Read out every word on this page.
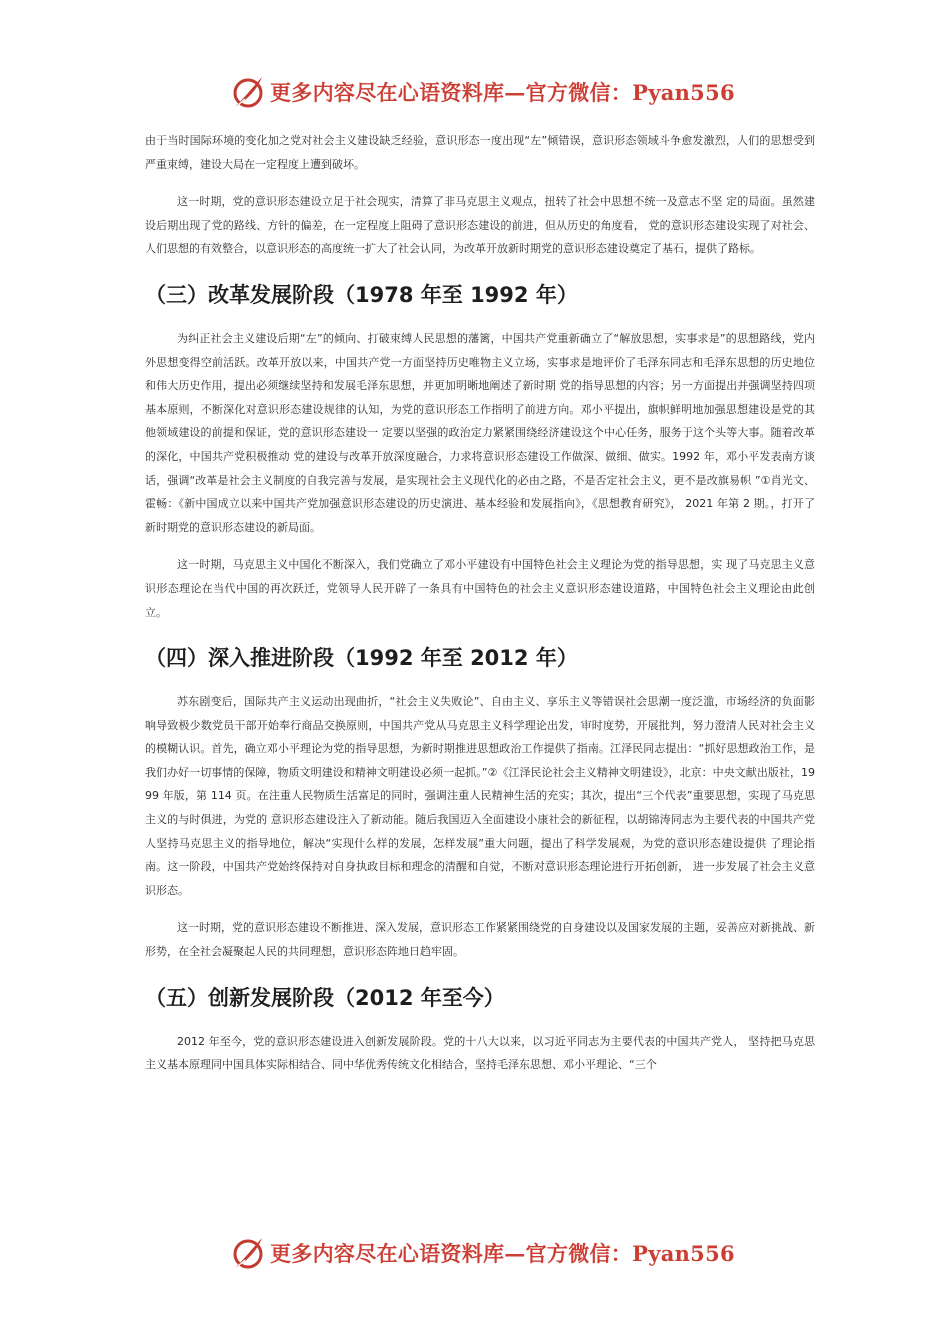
更多内容尽在心语资料库—官方微信：Pyan556

由于当时国际环境的变化加之党对社会主义建设缺乏经验，意识形态一度出现“左”倾错误，意识形态领域斗争愈发激烈，人们的思想受到严重束缚，建设大局在一定程度上遭到破坏。

这一时期，党的意识形态建设立足于社会现实，清算了非马克思主义观点，扭转了社会中思想不统一及意志不坚 定的局面。虽然建设后期出现了党的路线、方针的偏差，在一定程度上阻碍了意识形态建设的前进，但从历史的角度看， 党的意识形态建设实现了对社会、人们思想的有效整合，以意识形态的高度统一扩大了社会认同，为改革开放新时期党的意识形态建设奠定了基石，提供了路标。

（三）改革发展阶段（1978 年至 1992 年）

为纠正社会主义建设后期“左”的倾向、打破束缚人民思想的藩篱，中国共产党重新确立了“解放思想，实事求是”的思想路线，党内外思想变得空前活跃。改革开放以来，中国共产党一方面坚持历史唯物主义立场，实事求是地评价了毛泽东同志和毛泽东思想的历史地位和伟大历史作用，提出必须继续坚持和发展毛泽东思想，并更加明晰地阐述了新时期 党的指导思想的内容；另一方面提出并强调坚持四项基本原则，不断深化对意识形态建设规律的认知，为党的意识形态工作指明了前进方向。邓小平提出，旗帜鲜明地加强思想建设是党的其他领域建设的前提和保证，党的意识形态建设一 定要以坚强的政治定力紧紧围绕经济建设这个中心任务，服务于这个头等大事。随着改革的深化，中国共产党积极推动 党的建设与改革开放深度融合，力求将意识形态建设工作做深、做细、做实。1992 年，邓小平发表南方谈话，强调“改革是社会主义制度的自我完善与发展，是实现社会主义现代化的必由之路，不是否定社会主义，更不是改旗易帜 ”①肖光文、霍畅：《新中国成立以来中国共产党加强意识形态建设的历史演进、基本经验和发展指向》，《思想教育研究》， 2021 年第 2 期。，打开了新时期党的意识形态建设的新局面。

这一时期，马克思主义中国化不断深入，我们党确立了邓小平建设有中国特色社会主义理论为党的指导思想，实 现了马克思主义意识形态理论在当代中国的再次跃迁，党领导人民开辟了一条具有中国特色的社会主义意识形态建设道路，中国特色社会主义理论由此创立。

（四）深入推进阶段（1992 年至 2012 年）

苏东剧变后，国际共产主义运动出现曲折，“社会主义失败论”、自由主义、享乐主义等错误社会思潮一度泛滥，市场经济的负面影响导致极少数党员干部开始奉行商品交换原则，中国共产党从马克思主义科学理论出发，审时度势，开展批判，努力澄清人民对社会主义的模糊认识。首先，确立邓小平理论为党的指导思想，为新时期推进思想政治工作提供了指南。江泽民同志提出：“抓好思想政治工作，是我们办好一切事情的保障，物质文明建设和精神文明建设必须一起抓。”②《江泽民论社会主义精神文明建设》，北京：中央文献出版社，1999 年版，第 114 页。在注重人民物质生活富足的同时，强调注重人民精神生活的充实；其次，提出“三个代表”重要思想，实现了马克思主义的与时俱进，为党的 意识形态建设注入了新动能。随后我国迈入全面建设小康社会的新征程，以胡锦涛同志为主要代表的中国共产党人坚持马克思主义的指导地位，解决“实现什么样的发展，怎样发展”重大问题，提出了科学发展观，为党的意识形态建设提供 了理论指南。这一阶段，中国共产党始终保持对自身执政目标和理念的清醒和自觉，不断对意识形态理论进行开拓创新， 进一步发展了社会主义意识形态。

这一时期，党的意识形态建设不断推进、深入发展，意识形态工作紧紧围绕党的自身建设以及国家发展的主题，妥善应对新挑战、新形势，在全社会凝聚起人民的共同理想，意识形态阵地日趋牢固。

（五）创新发展阶段（2012 年至今）

2012 年至今，党的意识形态建设进入创新发展阶段。党的十八大以来，以习近平同志为主要代表的中国共产党人， 坚持把马克思主义基本原理同中国具体实际相结合、同中华优秀传统文化相结合，坚持毛泽东思想、邓小平理论、“三个

更多内容尽在心语资料库—官方微信：Pyan556
